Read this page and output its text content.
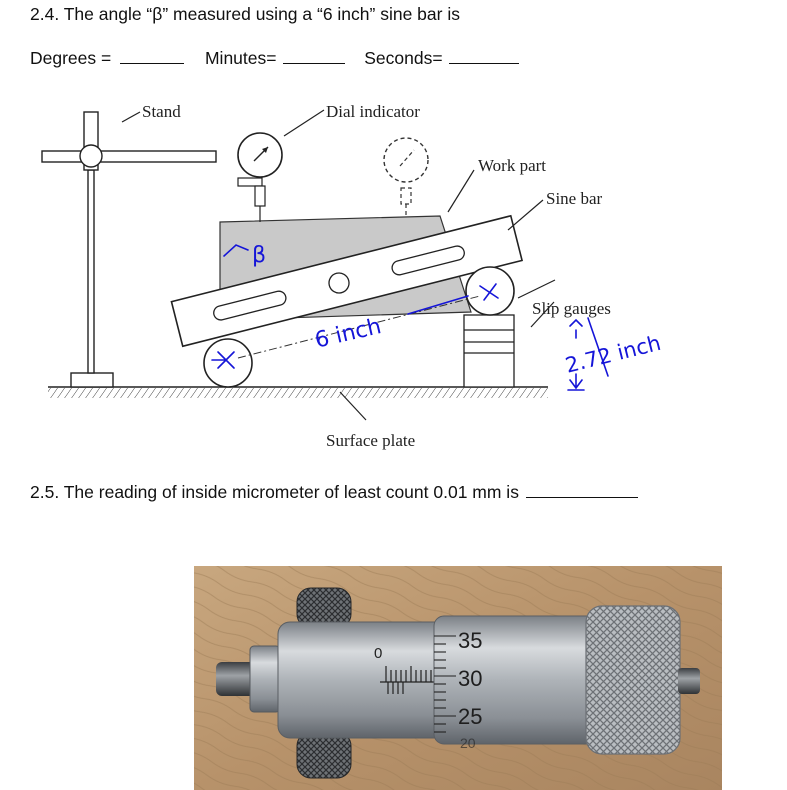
2.4. The angle “β” measured using a “6 inch” sine bar is
Degrees =	Minutes=	Seconds=
Stand	Dial indicator
Work part
Sine bar
Slip gauges
Surface plate
β
6 inch	2.72 inch
2.5. The reading of inside micrometer of least count 0.01 mm is
0
35
30
25
20
